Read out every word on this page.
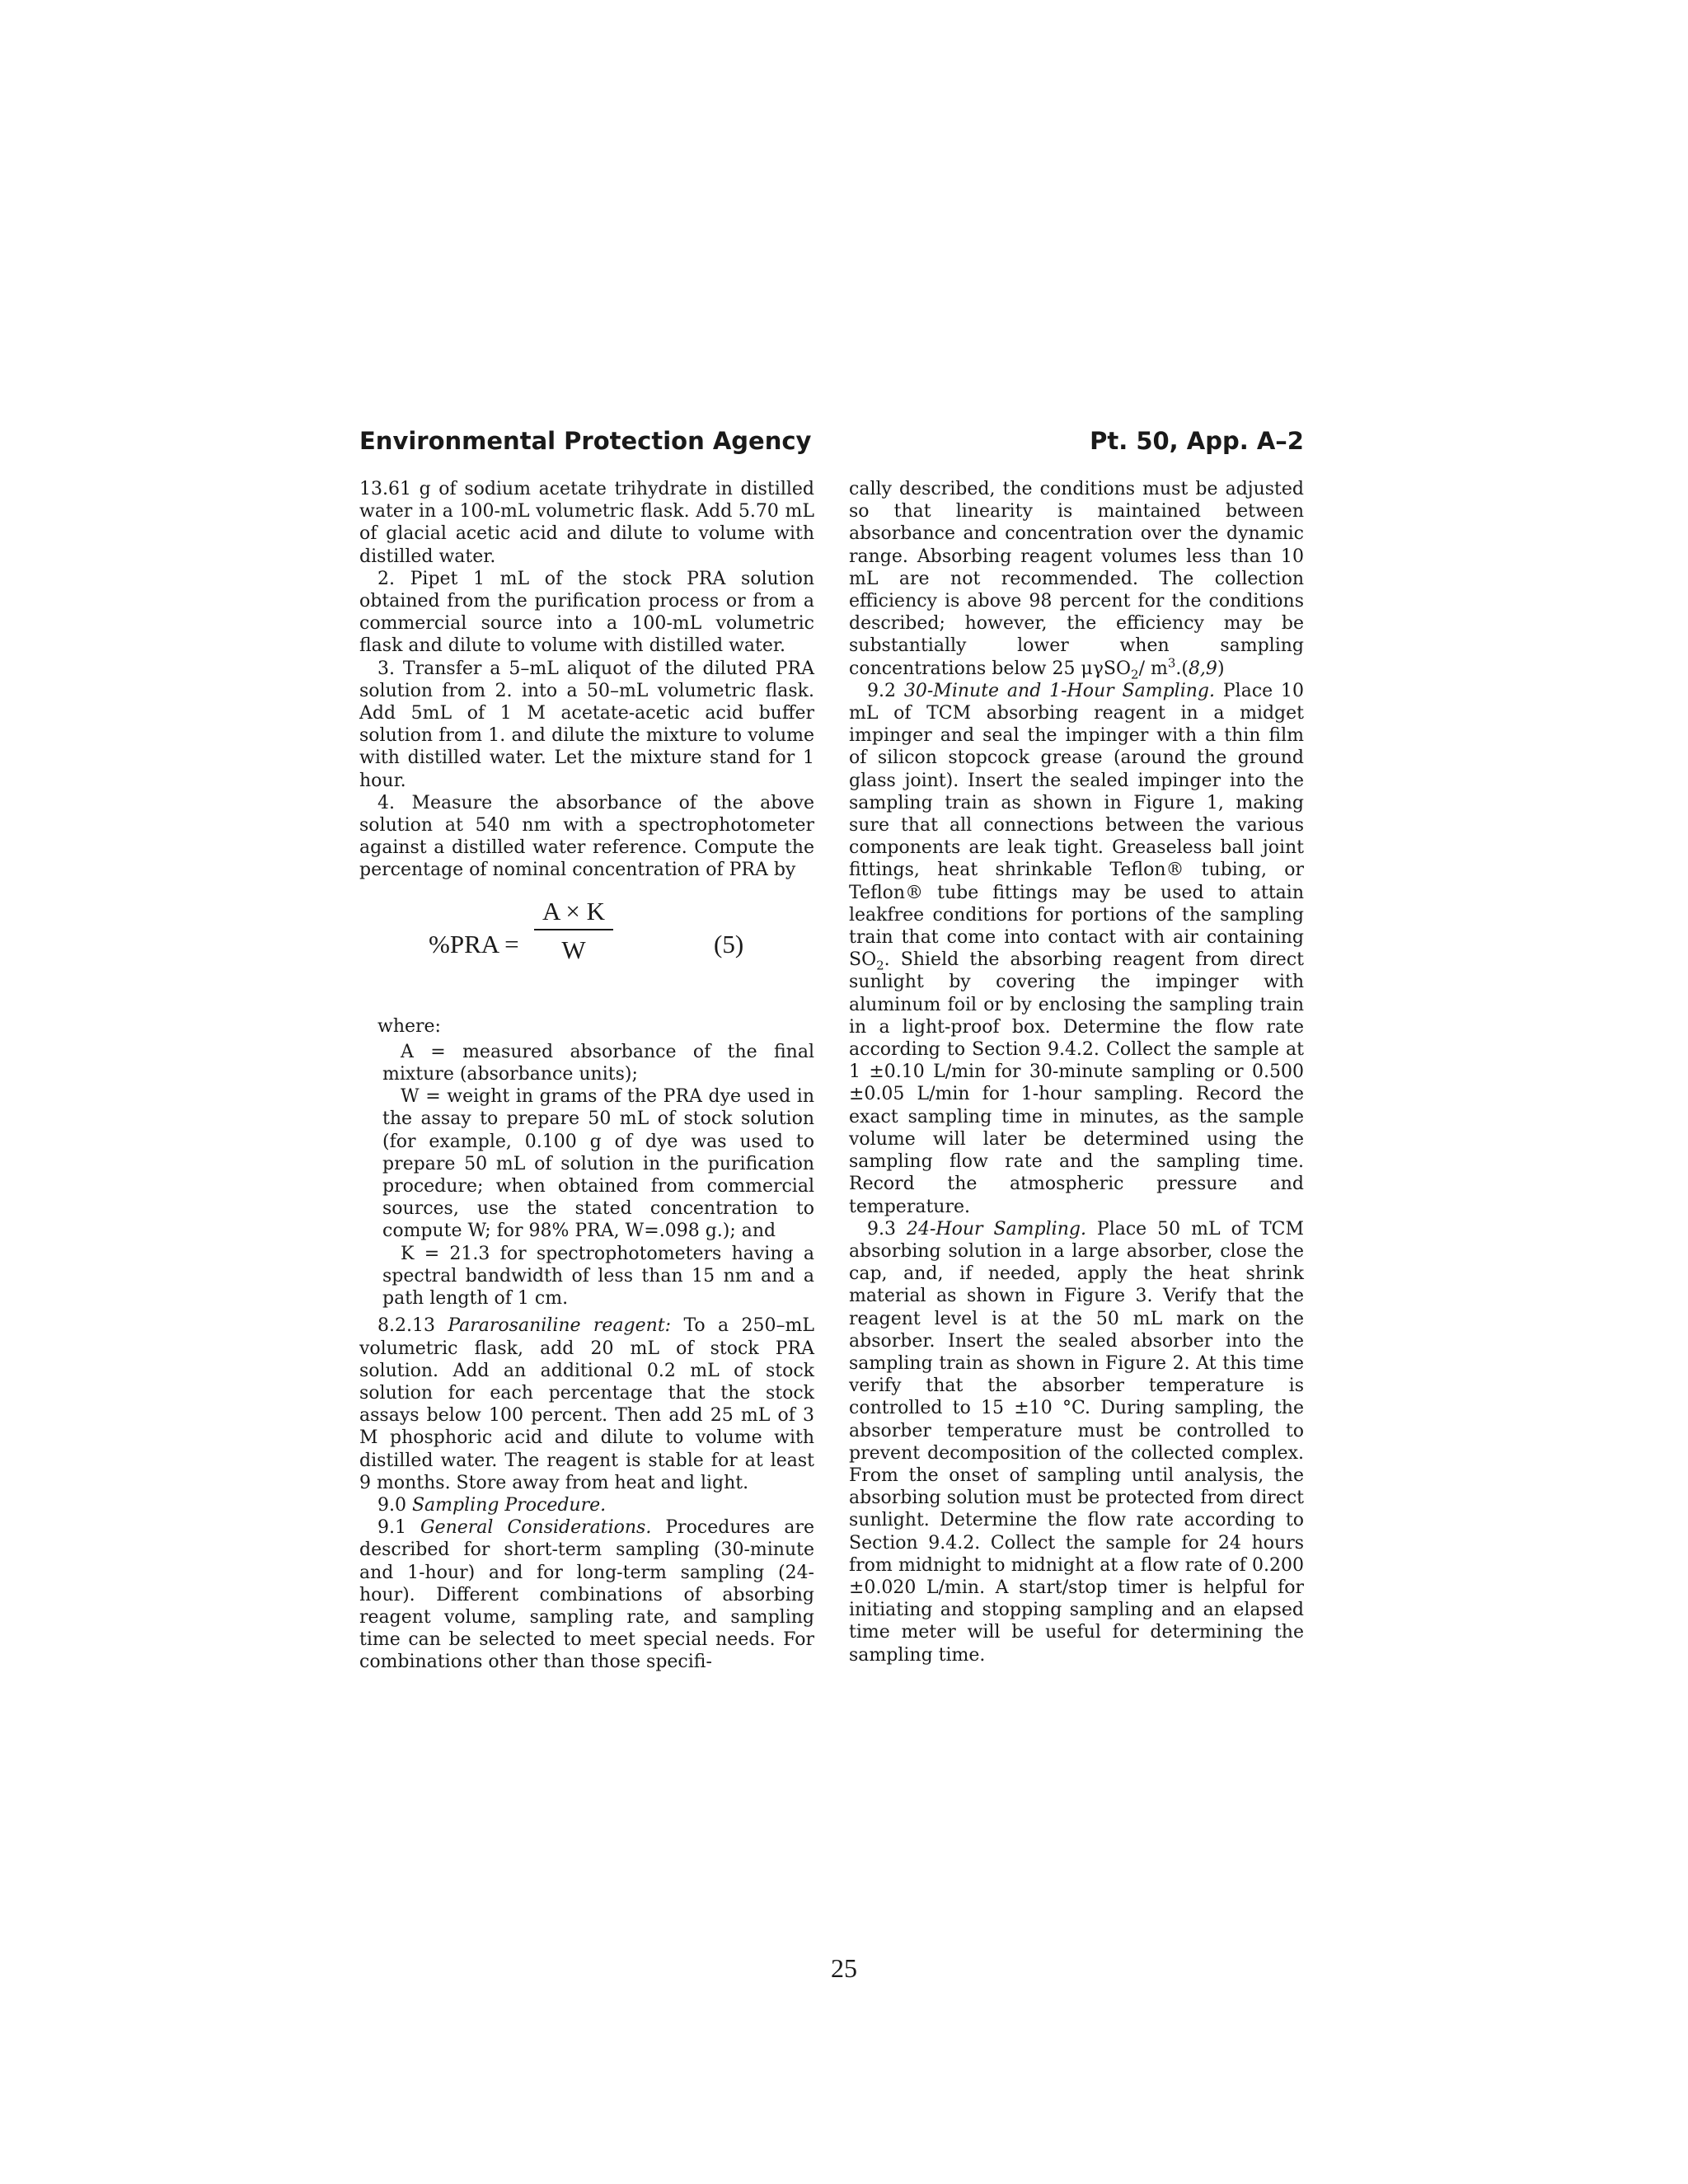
Environmental Protection Agency	Pt. 50, App. A–2

13.61 g of sodium acetate trihydrate in distilled water in a 100-mL volumetric flask. Add 5.70 mL of glacial acetic acid and dilute to volume with distilled water.

2. Pipet 1 mL of the stock PRA solution obtained from the purification process or from a commercial source into a 100-mL volumetric flask and dilute to volume with distilled water.

3. Transfer a 5–mL aliquot of the diluted PRA solution from 2. into a 50–mL volumetric flask. Add 5mL of 1 M acetate-acetic acid buffer solution from 1. and dilute the mixture to volume with distilled water. Let the mixture stand for 1 hour.

4. Measure the absorbance of the above solution at 540 nm with a spectrophotometer against a distilled water reference. Compute the percentage of nominal concentration of PRA by

$\%PRA = \frac{A \times K}{W}$	(5)

where:

A = measured absorbance of the final mixture (absorbance units);

W = weight in grams of the PRA dye used in the assay to prepare 50 mL of stock solution (for example, 0.100 g of dye was used to prepare 50 mL of solution in the purification procedure; when obtained from commercial sources, use the stated concentration to compute W; for 98% PRA, W=.098 g.); and

K = 21.3 for spectrophotometers having a spectral bandwidth of less than 15 nm and a path length of 1 cm.

8.2.13 Pararosaniline reagent: To a 250–mL volumetric flask, add 20 mL of stock PRA solution. Add an additional 0.2 mL of stock solution for each percentage that the stock assays below 100 percent. Then add 25 mL of 3 M phosphoric acid and dilute to volume with distilled water. The reagent is stable for at least 9 months. Store away from heat and light.

9.0 Sampling Procedure.

9.1 General Considerations. Procedures are described for short-term sampling (30-minute and 1-hour) and for long-term sampling (24-hour). Different combinations of absorbing reagent volume, sampling rate, and sampling time can be selected to meet special needs. For combinations other than those specifi-

cally described, the conditions must be adjusted so that linearity is maintained between absorbance and concentration over the dynamic range. Absorbing reagent volumes less than 10 mL are not recommended. The collection efficiency is above 98 percent for the conditions described; however, the efficiency may be substantially lower when sampling concentrations below 25 μγSO$_2$/ $m^3.(8,9)$

9.2 30-Minute and 1-Hour Sampling. Place 10 mL of TCM absorbing reagent in a midget impinger and seal the impinger with a thin film of silicon stopcock grease (around the ground glass joint). Insert the sealed impinger into the sampling train as shown in Figure 1, making sure that all connections between the various components are leak tight. Greaseless ball joint fittings, heat shrinkable Teflon® tubing, or Teflon® tube fittings may be used to attain leakfree conditions for portions of the sampling train that come into contact with air containing $SO_2$. Shield the absorbing reagent from direct sunlight by covering the impinger with aluminum foil or by enclosing the sampling train in a light-proof box. Determine the flow rate according to Section 9.4.2. Collect the sample at 1 ±0.10 L/min for 30-minute sampling or 0.500 ±0.05 L/min for 1-hour sampling. Record the exact sampling time in minutes, as the sample volume will later be determined using the sampling flow rate and the sampling time. Record the atmospheric pressure and temperature.

9.3 24-Hour Sampling. Place 50 mL of TCM absorbing solution in a large absorber, close the cap, and, if needed, apply the heat shrink material as shown in Figure 3. Verify that the reagent level is at the 50 mL mark on the absorber. Insert the sealed absorber into the sampling train as shown in Figure 2. At this time verify that the absorber temperature is controlled to 15 ±10 °C. During sampling, the absorber temperature must be controlled to prevent decomposition of the collected complex. From the onset of sampling until analysis, the absorbing solution must be protected from direct sunlight. Determine the flow rate according to Section 9.4.2. Collect the sample for 24 hours from midnight to midnight at a flow rate of 0.200 ±0.020 L/min. A start/stop timer is helpful for initiating and stopping sampling and an elapsed time meter will be useful for determining the sampling time.

25
